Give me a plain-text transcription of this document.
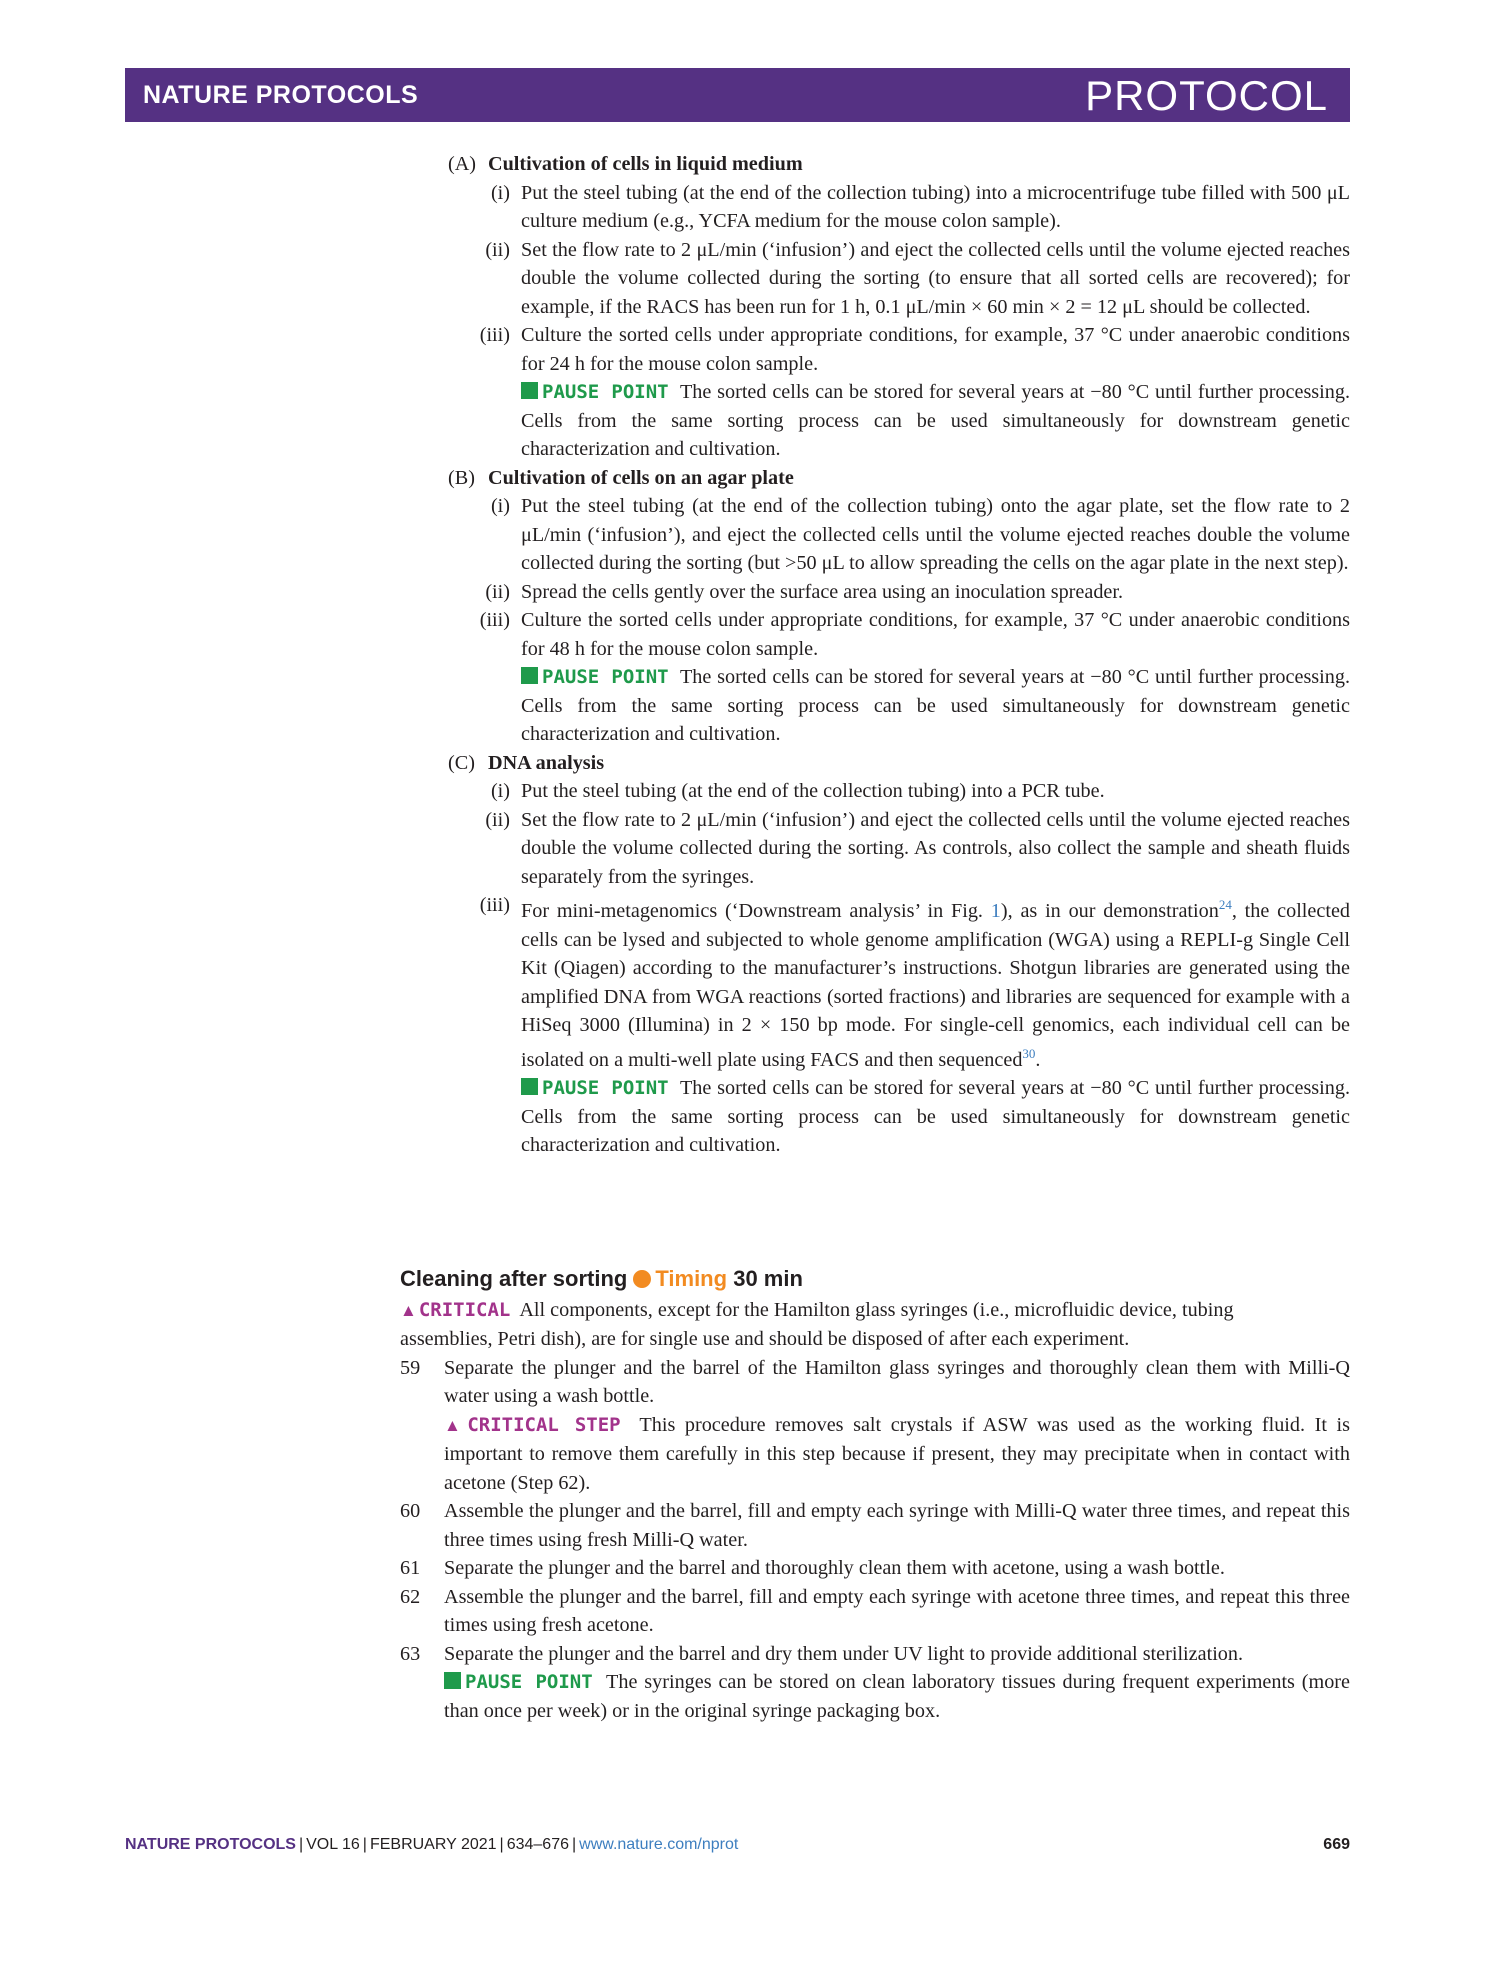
NATURE PROTOCOLS	PROTOCOL
(A) Cultivation of cells in liquid medium
(i) Put the steel tubing (at the end of the collection tubing) into a microcentrifuge tube filled with 500 μL culture medium (e.g., YCFA medium for the mouse colon sample).
(ii) Set the flow rate to 2 μL/min (‘infusion’) and eject the collected cells until the volume ejected reaches double the volume collected during the sorting (to ensure that all sorted cells are recovered); for example, if the RACS has been run for 1 h, 0.1 μL/min × 60 min × 2 = 12 μL should be collected.
(iii) Culture the sorted cells under appropriate conditions, for example, 37 °C under anaerobic conditions for 24 h for the mouse colon sample.
PAUSE POINT The sorted cells can be stored for several years at −80 °C until further processing. Cells from the same sorting process can be used simultaneously for downstream genetic characterization and cultivation.
(B) Cultivation of cells on an agar plate
(i) Put the steel tubing (at the end of the collection tubing) onto the agar plate, set the flow rate to 2 μL/min (‘infusion’), and eject the collected cells until the volume ejected reaches double the volume collected during the sorting (but >50 μL to allow spreading the cells on the agar plate in the next step).
(ii) Spread the cells gently over the surface area using an inoculation spreader.
(iii) Culture the sorted cells under appropriate conditions, for example, 37 °C under anaerobic conditions for 48 h for the mouse colon sample.
PAUSE POINT The sorted cells can be stored for several years at −80 °C until further processing. Cells from the same sorting process can be used simultaneously for downstream genetic characterization and cultivation.
(C) DNA analysis
(i) Put the steel tubing (at the end of the collection tubing) into a PCR tube.
(ii) Set the flow rate to 2 μL/min (‘infusion’) and eject the collected cells until the volume ejected reaches double the volume collected during the sorting. As controls, also collect the sample and sheath fluids separately from the syringes.
(iii) For mini-metagenomics (‘Downstream analysis’ in Fig. 1), as in our demonstration$^{24}$, the collected cells can be lysed and subjected to whole genome amplification (WGA) using a REPLI-g Single Cell Kit (Qiagen) according to the manufacturer’s instructions. Shotgun libraries are generated using the amplified DNA from WGA reactions (sorted fractions) and libraries are sequenced for example with a HiSeq 3000 (Illumina) in 2 × 150 bp mode. For single-cell genomics, each individual cell can be isolated on a multi-well plate using FACS and then sequenced$^{30}$.
PAUSE POINT The sorted cells can be stored for several years at −80 °C until further processing. Cells from the same sorting process can be used simultaneously for downstream genetic characterization and cultivation.
Cleaning after sorting Timing 30 min
▲ CRITICAL All components, except for the Hamilton glass syringes (i.e., microfluidic device, tubing assemblies, Petri dish), are for single use and should be disposed of after each experiment.
59 Separate the plunger and the barrel of the Hamilton glass syringes and thoroughly clean them with Milli-Q water using a wash bottle.
▲ CRITICAL STEP This procedure removes salt crystals if ASW was used as the working fluid. It is important to remove them carefully in this step because if present, they may precipitate when in contact with acetone (Step 62).
60 Assemble the plunger and the barrel, fill and empty each syringe with Milli-Q water three times, and repeat this three times using fresh Milli-Q water.
61 Separate the plunger and the barrel and thoroughly clean them with acetone, using a wash bottle.
62 Assemble the plunger and the barrel, fill and empty each syringe with acetone three times, and repeat this three times using fresh acetone.
63 Separate the plunger and the barrel and dry them under UV light to provide additional sterilization.
PAUSE POINT The syringes can be stored on clean laboratory tissues during frequent experiments (more than once per week) or in the original syringe packaging box.
NATURE PROTOCOLS | VOL 16 | FEBRUARY 2021 | 634–676 | www.nature.com/nprot	669
